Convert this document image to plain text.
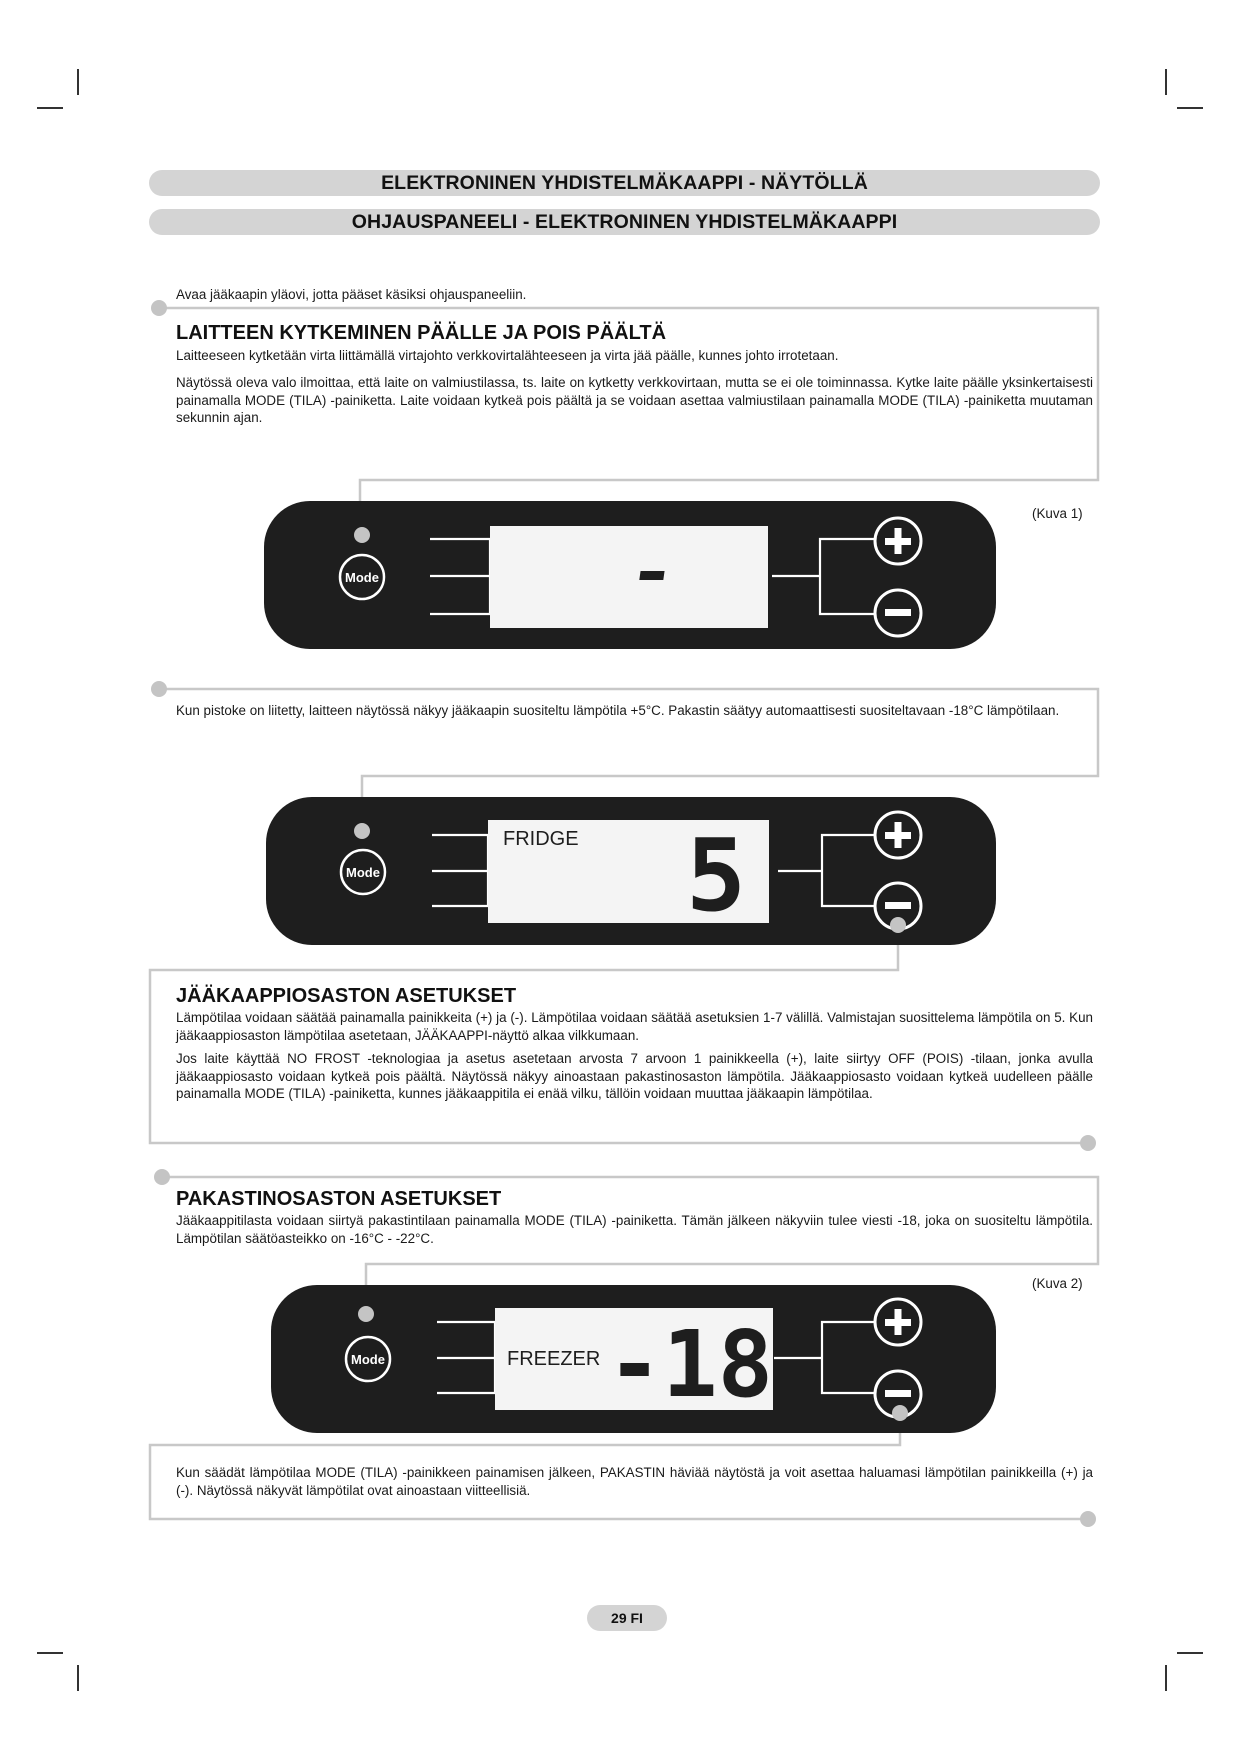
ELEKTRONINEN YHDISTELMÄKAAPPI - NÄYTÖLLÄ
OHJAUSPANEELI - ELEKTRONINEN YHDISTELMÄKAAPPI
Avaa jääkaapin yläovi, jotta pääset käsiksi ohjauspaneeliin.
LAITTEEN KYTKEMINEN PÄÄLLE JA POIS PÄÄLTÄ
Laitteeseen kytketään virta liittämällä virtajohto verkkovirtalähteeseen ja virta jää päälle, kunnes johto irrotetaan.
Näytössä oleva valo ilmoittaa, että laite on valmiustilassa, ts. laite on kytketty verkkovirtaan, mutta se ei ole toiminnassa. Kytke laite päälle yksinkertaisesti painamalla MODE (TILA) -painiketta. Laite voidaan kytkeä pois päältä ja se voidaan asettaa valmiustilaan painamalla MODE (TILA) -painiketta muutaman sekunnin ajan.
(Kuva 1)
Mode
Kun pistoke on liitetty, laitteen näytössä näkyy jääkaapin suositeltu lämpötila +5°C. Pakastin säätyy automaattisesti suositeltavaan -18°C lämpötilaan.
Mode
FRIDGE 5
JÄÄKAAPPIOSASTON ASETUKSET
Lämpötilaa voidaan säätää painamalla painikkeita (+) ja (-). Lämpötilaa voidaan säätää asetuksien 1-7 välillä. Valmistajan suosittelema lämpötila on 5. Kun jääkaappiosaston lämpötilaa asetetaan, JÄÄKAAPPI-näyttö alkaa vilkkumaan.
Jos laite käyttää NO FROST -teknologiaa ja asetus asetetaan arvosta 7 arvoon 1 painikkeella (+), laite siirtyy OFF (POIS) -tilaan, jonka avulla jääkaappiosasto voidaan kytkeä pois päältä. Näytössä näkyy ainoastaan pakastinosaston lämpötila. Jääkaappiosasto voidaan kytkeä uudelleen päälle painamalla MODE (TILA) -painiketta, kunnes jääkaappitila ei enää vilku, tällöin voidaan muuttaa jääkaapin lämpötilaa.
PAKASTINOSASTON ASETUKSET
Jääkaappitilasta voidaan siirtyä pakastintilaan painamalla MODE (TILA) -painiketta. Tämän jälkeen näkyviin tulee viesti -18, joka on suositeltu lämpötila. Lämpötilan säätöasteikko on -16°C - -22°C.
(Kuva 2)
Mode	FREEZER -18
Kun säädät lämpötilaa MODE (TILA) -painikkeen painamisen jälkeen, PAKASTIN häviää näytöstä ja voit asettaa haluamasi lämpötilan painikkeilla (+) ja (-). Näytössä näkyvät lämpötilat ovat ainoastaan viitteellisiä.
29 FI
